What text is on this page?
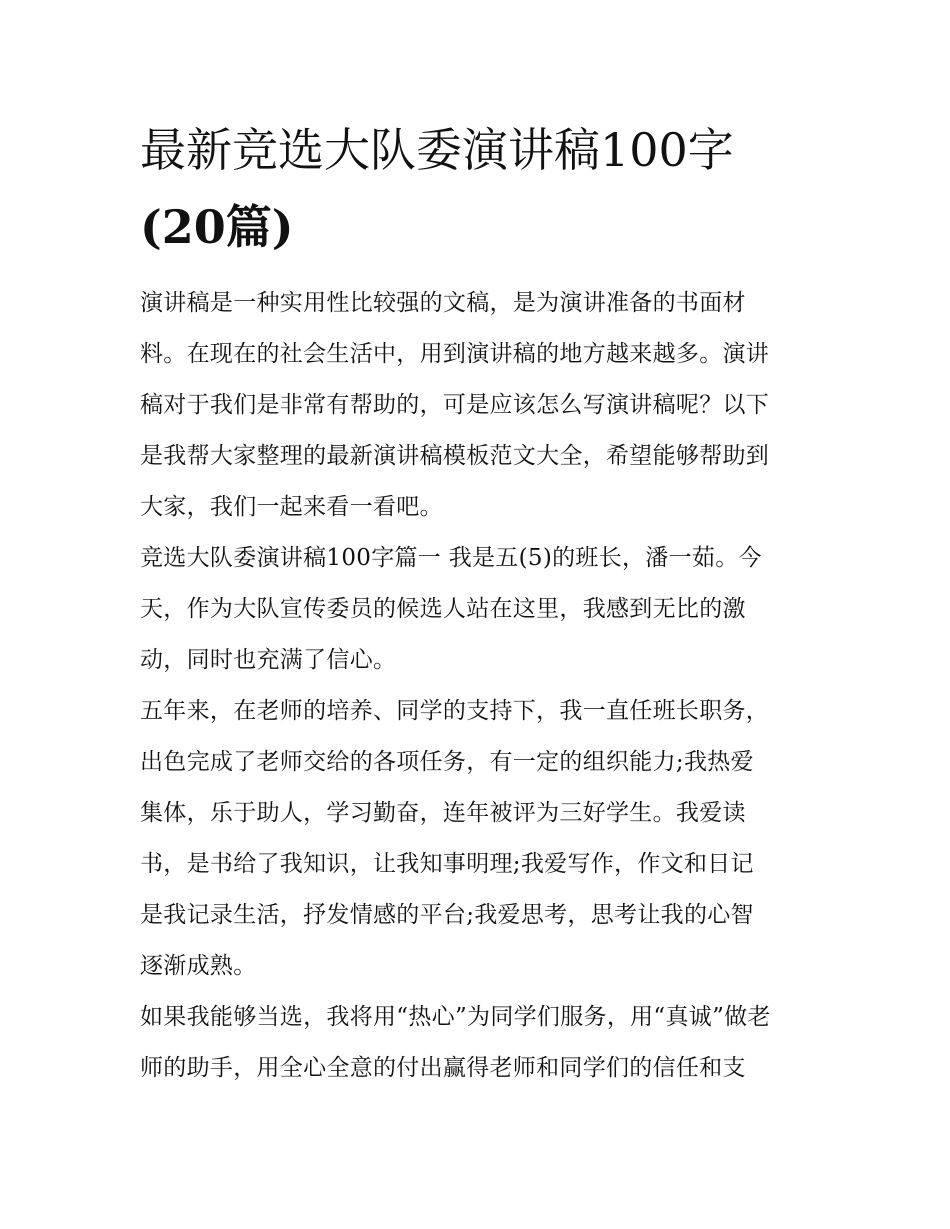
最新竞选大队委演讲稿100字
(20篇)

演讲稿是一种实用性比较强的文稿，是为演讲准备的书面材
料。在现在的社会生活中，用到演讲稿的地方越来越多。演讲
稿对于我们是非常有帮助的，可是应该怎么写演讲稿呢？以下
是我帮大家整理的最新演讲稿模板范文大全，希望能够帮助到
大家，我们一起来看一看吧。

竞选大队委演讲稿100字篇一 我是五(5)的班长，潘一茹。今
天，作为大队宣传委员的候选人站在这里，我感到无比的激
动，同时也充满了信心。

五年来，在老师的培养、同学的支持下，我一直任班长职务，
出色完成了老师交给的各项任务，有一定的组织能力;我热爱
集体，乐于助人，学习勤奋，连年被评为三好学生。我爱读
书，是书给了我知识，让我知事明理;我爱写作，作文和日记
是我记录生活，抒发情感的平台;我爱思考，思考让我的心智
逐渐成熟。

如果我能够当选，我将用“热心”为同学们服务，用“真诚”做老
师的助手，用全心全意的付出赢得老师和同学们的信任和支
